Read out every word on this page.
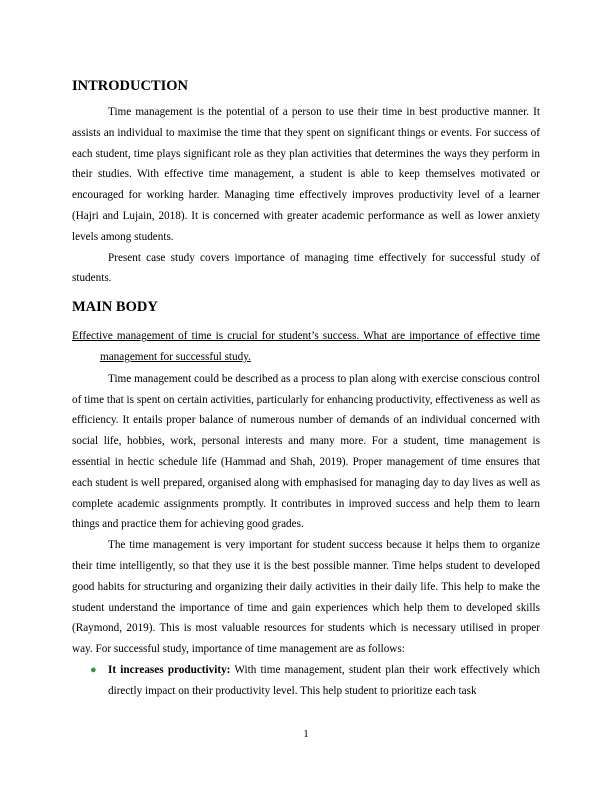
INTRODUCTION

Time management is the potential of a person to use their time in best productive manner. It assists an individual to maximise the time that they spent on significant things or events. For success of each student, time plays significant role as they plan activities that determines the ways they perform in their studies. With effective time management, a student is able to keep themselves motivated or encouraged for working harder. Managing time effectively improves productivity level of a learner (Hajri and Lujain, 2018). It is concerned with greater academic performance as well as lower anxiety levels among students.

Present case study covers importance of managing time effectively for successful study of students.

MAIN BODY

Effective management of time is crucial for student’s success. What are importance of effective time management for successful study.

Time management could be described as a process to plan along with exercise conscious control of time that is spent on certain activities, particularly for enhancing productivity, effectiveness as well as efficiency. It entails proper balance of numerous number of demands of an individual concerned with social life, hobbies, work, personal interests and many more. For a student, time management is essential in hectic schedule life (Hammad and Shah, 2019). Proper management of time ensures that each student is well prepared, organised along with emphasised for managing day to day lives as well as complete academic assignments promptly. It contributes in improved success and help them to learn things and practice them for achieving good grades.

The time management is very important for student success because it helps them to organize their time intelligently, so that they use it is the best possible manner. Time helps student to developed good habits for structuring and organizing their daily activities in their daily life. This help to make the student understand the importance of time and gain experiences which help them to developed skills (Raymond, 2019). This is most valuable resources for students which is necessary utilised in proper way. For successful study, importance of time management are as follows:

● It increases productivity: With time management, student plan their work effectively which directly impact on their productivity level. This help student to prioritize each task
1
